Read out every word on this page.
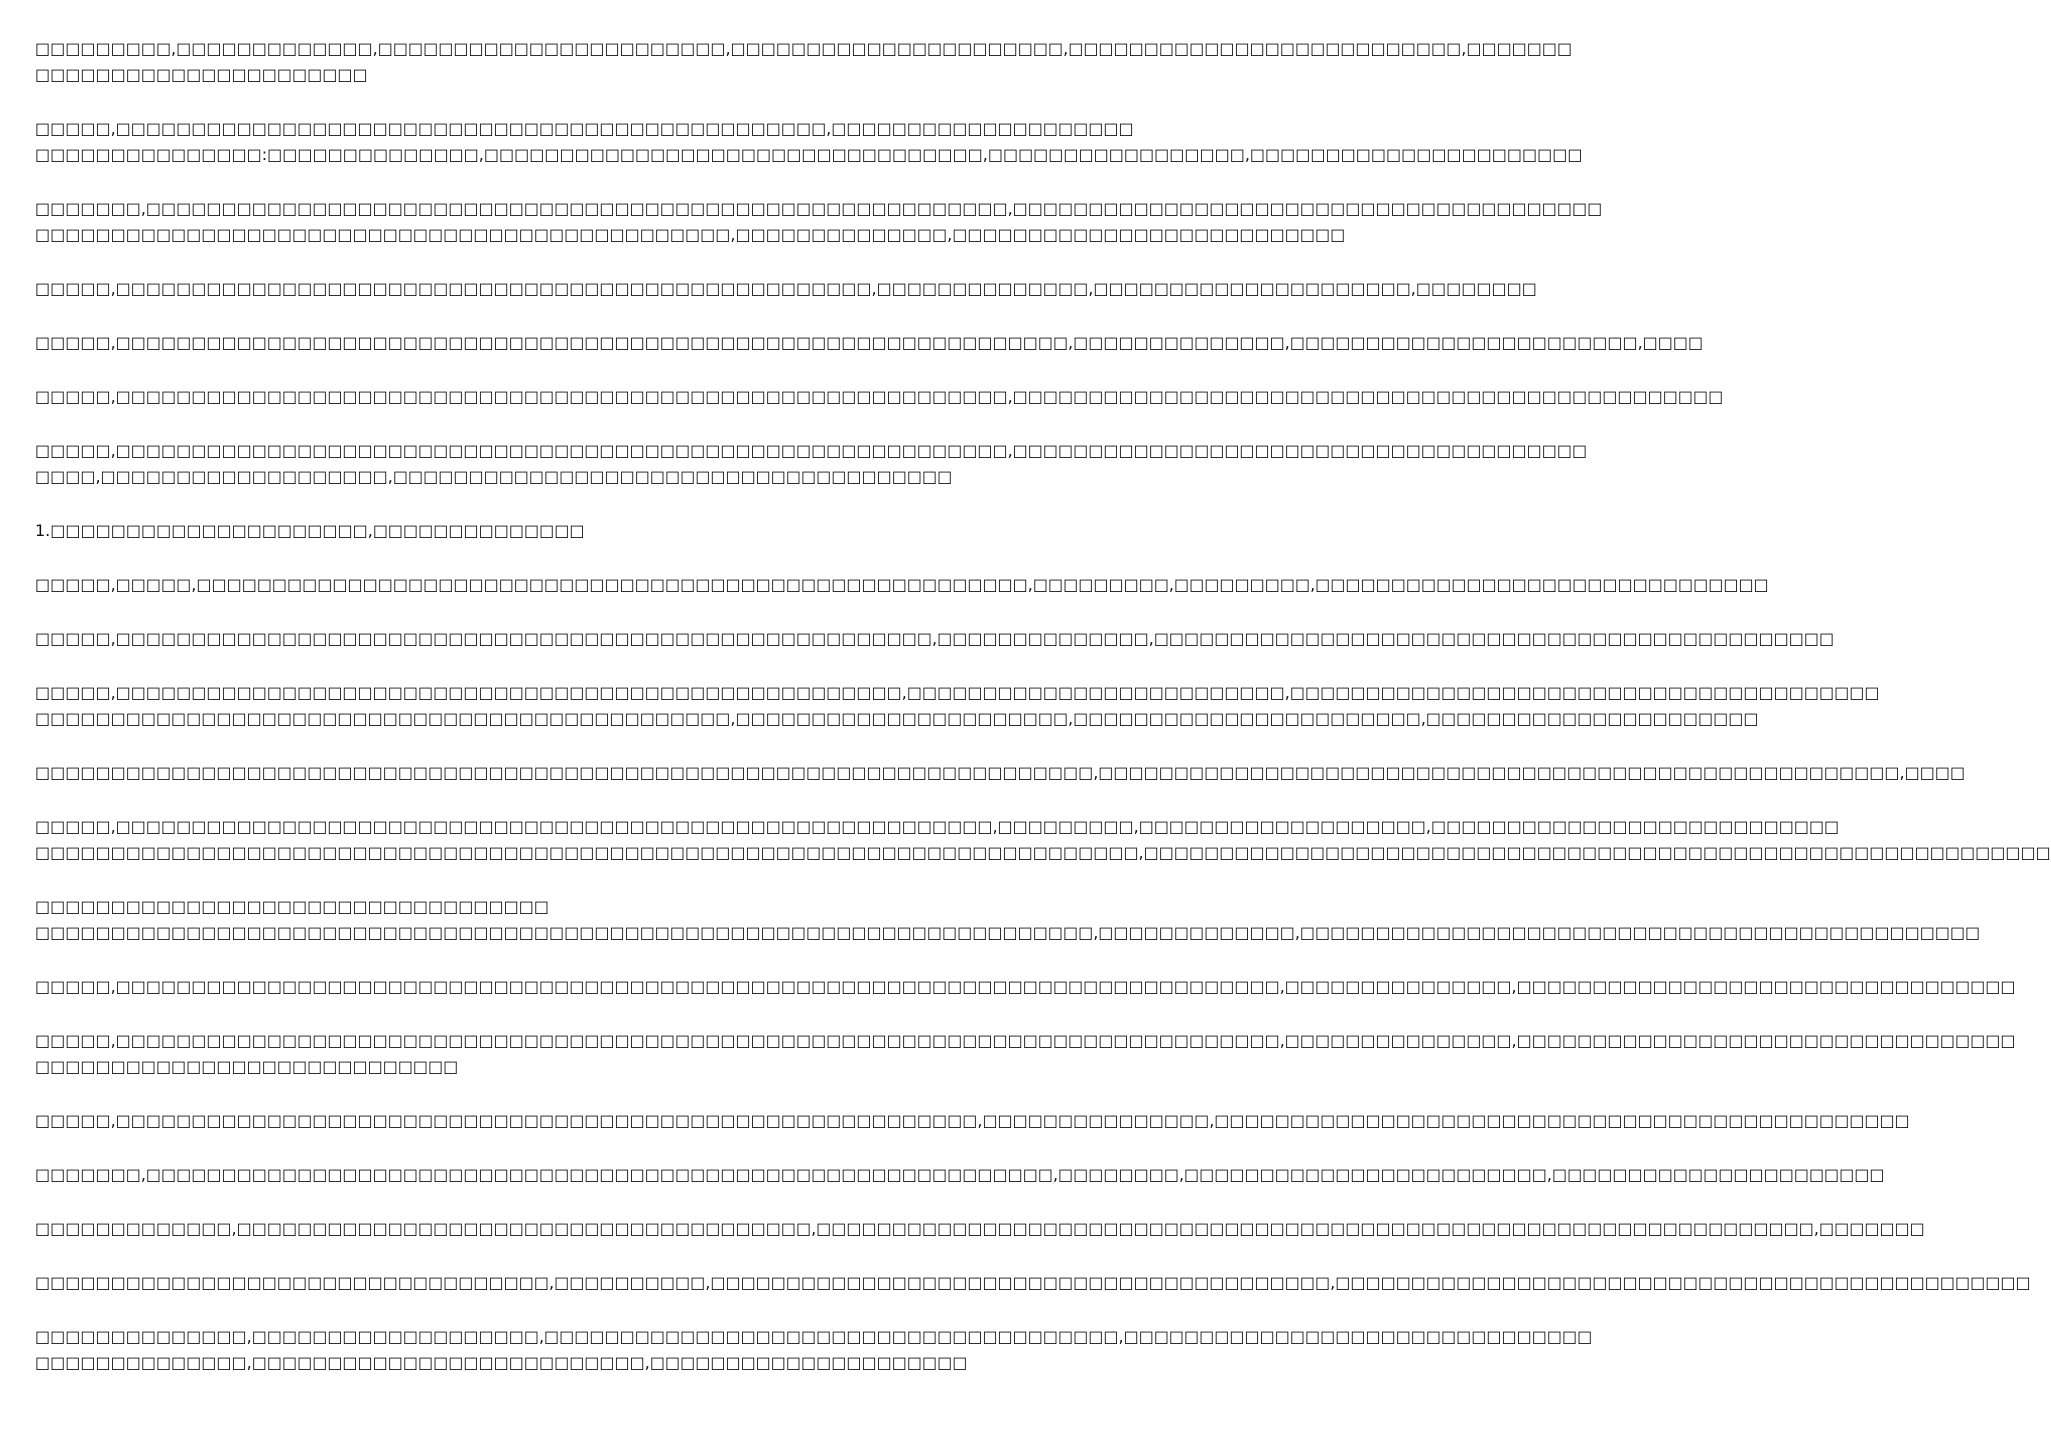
□□□□□□□□□,□□□□□□□□□□□□□,□□□□□□□□□□□□□□□□□□□□□□□,□□□□□□□□□□□□□□□□□□□□□□,□□□□□□□□□□□□□□□□□□□□□□□□□□,□□□□□□□
□□□□□□□□□□□□□□□□□□□□□□
□□□□□,□□□□□□□□□□□□□□□□□□□□□□□□□□□□□□□□□□□□□□□□□□□□□□□,□□□□□□□□□□□□□□□□□□□□
□□□□□□□□□□□□□□□:□□□□□□□□□□□□□□,□□□□□□□□□□□□□□□□□□□□□□□□□□□□□□□□□,□□□□□□□□□□□□□□□□□,□□□□□□□□□□□□□□□□□□□□□□
□□□□□□□,□□□□□□□□□□□□□□□□□□□□□□□□□□□□□□□□□□□□□□□□□□□□□□□□□□□□□□□□□,□□□□□□□□□□□□□□□□□□□□□□□□□□□□□□□□□□□□□□□
□□□□□□□□□□□□□□□□□□□□□□□□□□□□□□□□□□□□□□□□□□□□□□,□□□□□□□□□□□□□□,□□□□□□□□□□□□□□□□□□□□□□□□□□
□□□□□,□□□□□□□□□□□□□□□□□□□□□□□□□□□□□□□□□□□□□□□□□□□□□□□□□□,□□□□□□□□□□□□□□,□□□□□□□□□□□□□□□□□□□□□,□□□□□□□□
□□□□□,□□□□□□□□□□□□□□□□□□□□□□□□□□□□□□□□□□□□□□□□□□□□□□□□□□□□□□□□□□□□□□□,□□□□□□□□□□□□□□,□□□□□□□□□□□□□□□□□□□□□□□,□□□□
□□□□□,□□□□□□□□□□□□□□□□□□□□□□□□□□□□□□□□□□□□□□□□□□□□□□□□□□□□□□□□□□□,□□□□□□□□□□□□□□□□□□□□□□□□□□□□□□□□□□□□□□□□□□□□□□□
□□□□□,□□□□□□□□□□□□□□□□□□□□□□□□□□□□□□□□□□□□□□□□□□□□□□□□□□□□□□□□□□□,□□□□□□□□□□□□□□□□□□□□□□□□□□□□□□□□□□□□□□
□□□□,□□□□□□□□□□□□□□□□□□□,□□□□□□□□□□□□□□□□□□□□□□□□□□□□□□□□□□□□□
1.□□□□□□□□□□□□□□□□□□□□□,□□□□□□□□□□□□□□
□□□□□,□□□□□,□□□□□□□□□□□□□□□□□□□□□□□□□□□□□□□□□□□□□□□□□□□□□□□□□□□□□□□,□□□□□□□□□,□□□□□□□□□,□□□□□□□□□□□□□□□□□□□□□□□□□□□□□□
□□□□□,□□□□□□□□□□□□□□□□□□□□□□□□□□□□□□□□□□□□□□□□□□□□□□□□□□□□□□,□□□□□□□□□□□□□□,□□□□□□□□□□□□□□□□□□□□□□□□□□□□□□□□□□□□□□□□□□□□□
□□□□□,□□□□□□□□□□□□□□□□□□□□□□□□□□□□□□□□□□□□□□□□□□□□□□□□□□□□,□□□□□□□□□□□□□□□□□□□□□□□□□,□□□□□□□□□□□□□□□□□□□□□□□□□□□□□□□□□□□□□□□
□□□□□□□□□□□□□□□□□□□□□□□□□□□□□□□□□□□□□□□□□□□□□□,□□□□□□□□□□□□□□□□□□□□□□,□□□□□□□□□□□□□□□□□□□□□□□,□□□□□□□□□□□□□□□□□□□□□□
□□□□□□□□□□□□□□□□□□□□□□□□□□□□□□□□□□□□□□□□□□□□□□□□□□□□□□□□□□□□□□□□□□□□□□,□□□□□□□□□□□□□□□□□□□□□□□□□□□□□□□□□□□□□□□□□□□□□□□□□□□□□,□□□□
□□□□□,□□□□□□□□□□□□□□□□□□□□□□□□□□□□□□□□□□□□□□□□□□□□□□□□□□□□□□□□□□,□□□□□□□□□,□□□□□□□□□□□□□□□□□□□,□□□□□□□□□□□□□□□□□□□□□□□□□□□
□□□□□□□□□□□□□□□□□□□□□□□□□□□□□□□□□□□□□□□□□□□□□□□□□□□□□□□□□□□□□□□□□□□□□□□□□,□□□□□□□□□□□□□□□□□□□□□□□□□□□□□□□□□□□□□□□□□□□□□□□□□□□□□□□□□□□□
□□□□□□□□□□□□□□□□□□□□□□□□□□□□□□□□□□
□□□□□□□□□□□□□□□□□□□□□□□□□□□□□□□□□□□□□□□□□□□□□□□□□□□□□□□□□□□□□□□□□□□□□□,□□□□□□□□□□□□□,□□□□□□□□□□□□□□□□□□□□□□□□□□□□□□□□□□□□□□□□□□□□□
□□□□□,□□□□□□□□□□□□□□□□□□□□□□□□□□□□□□□□□□□□□□□□□□□□□□□□□□□□□□□□□□□□□□□□□□□□□□□□□□□□□,□□□□□□□□□□□□□□□,□□□□□□□□□□□□□□□□□□□□□□□□□□□□□□□□□
□□□□□,□□□□□□□□□□□□□□□□□□□□□□□□□□□□□□□□□□□□□□□□□□□□□□□□□□□□□□□□□□□□□□□□□□□□□□□□□□□□□,□□□□□□□□□□□□□□□,□□□□□□□□□□□□□□□□□□□□□□□□□□□□□□□□□
□□□□□□□□□□□□□□□□□□□□□□□□□□□□
□□□□□,□□□□□□□□□□□□□□□□□□□□□□□□□□□□□□□□□□□□□□□□□□□□□□□□□□□□□□□□□,□□□□□□□□□□□□□□□,□□□□□□□□□□□□□□□□□□□□□□□□□□□□□□□□□□□□□□□□□□□□□□
□□□□□□□,□□□□□□□□□□□□□□□□□□□□□□□□□□□□□□□□□□□□□□□□□□□□□□□□□□□□□□□□□□□□,□□□□□□□□,□□□□□□□□□□□□□□□□□□□□□□□□,□□□□□□□□□□□□□□□□□□□□□□
□□□□□□□□□□□□□,□□□□□□□□□□□□□□□□□□□□□□□□□□□□□□□□□□□□□□,□□□□□□□□□□□□□□□□□□□□□□□□□□□□□□□□□□□□□□□□□□□□□□□□□□□□□□□□□□□□□□□□□□,□□□□□□□
□□□□□□□□□□□□□□□□□□□□□□□□□□□□□□□□□□,□□□□□□□□□□,□□□□□□□□□□□□□□□□□□□□□□□□□□□□□□□□□□□□□□□□□,□□□□□□□□□□□□□□□□□□□□□□□□□□□□□□□□□□□□□□□□□□□□□□
□□□□□□□□□□□□□□,□□□□□□□□□□□□□□□□□□□,□□□□□□□□□□□□□□□□□□□□□□□□□□□□□□□□□□□□□□,□□□□□□□□□□□□□□□□□□□□□□□□□□□□□□□
□□□□□□□□□□□□□□,□□□□□□□□□□□□□□□□□□□□□□□□□□,□□□□□□□□□□□□□□□□□□□□□
